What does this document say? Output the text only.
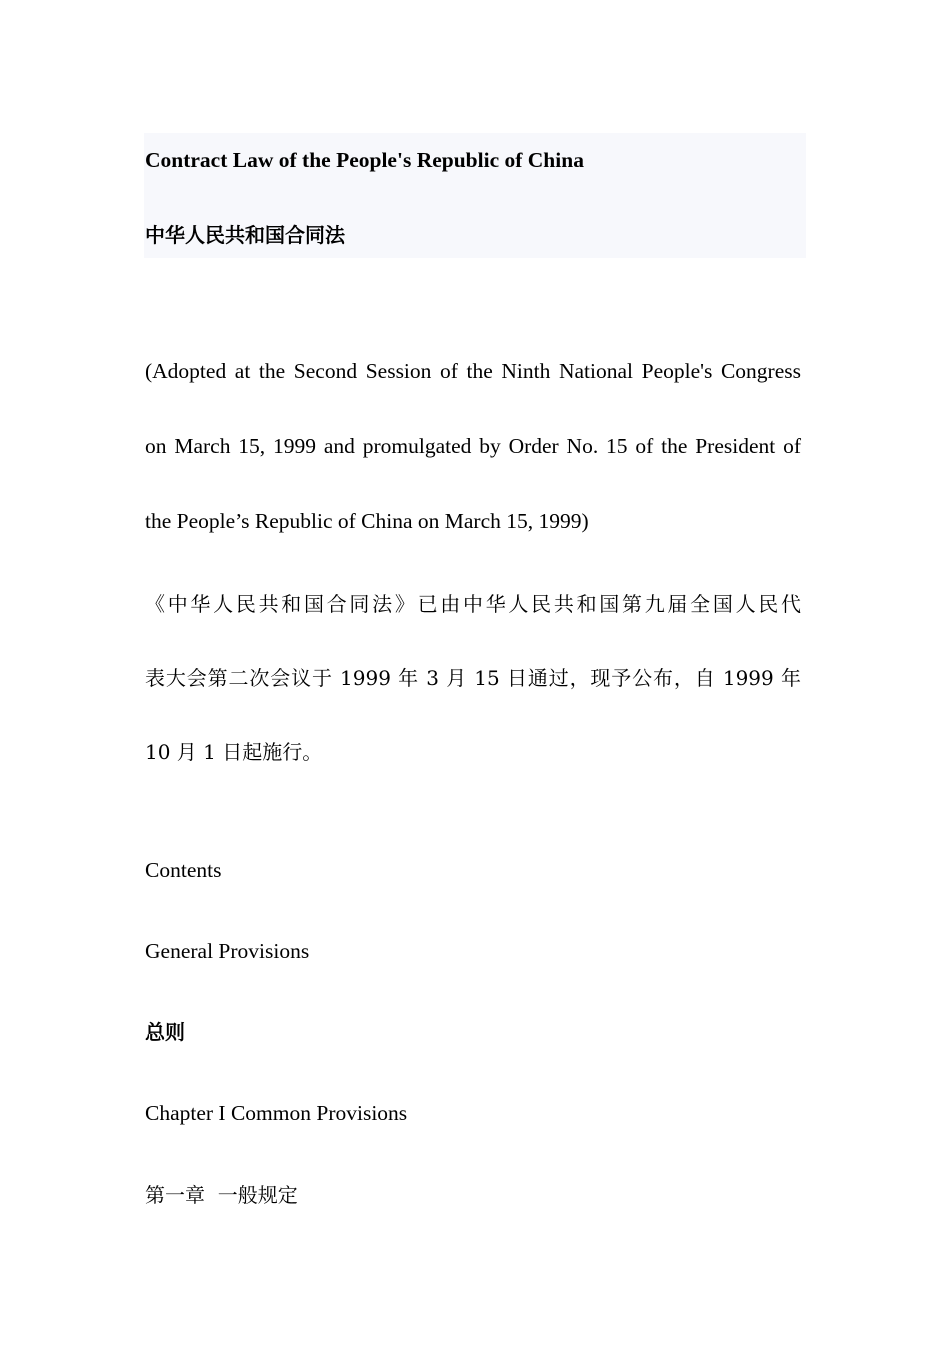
Contract Law of the People's Republic of China
中华人民共和国合同法
(Adopted at the Second Session of the Ninth National People's Congress
on March 15, 1999 and promulgated by Order No. 15 of the President of
the People’s Republic of China on March 15, 1999)
《中华人民共和国合同法》已由中华人民共和国第九届全国人民代
表大会第二次会议于 1999 年 3 月 15 日通过，现予公布，自 1999 年
10 月 1 日起施行。
Contents
General Provisions
总则
Chapter I Common Provisions
第一章  一般规定
